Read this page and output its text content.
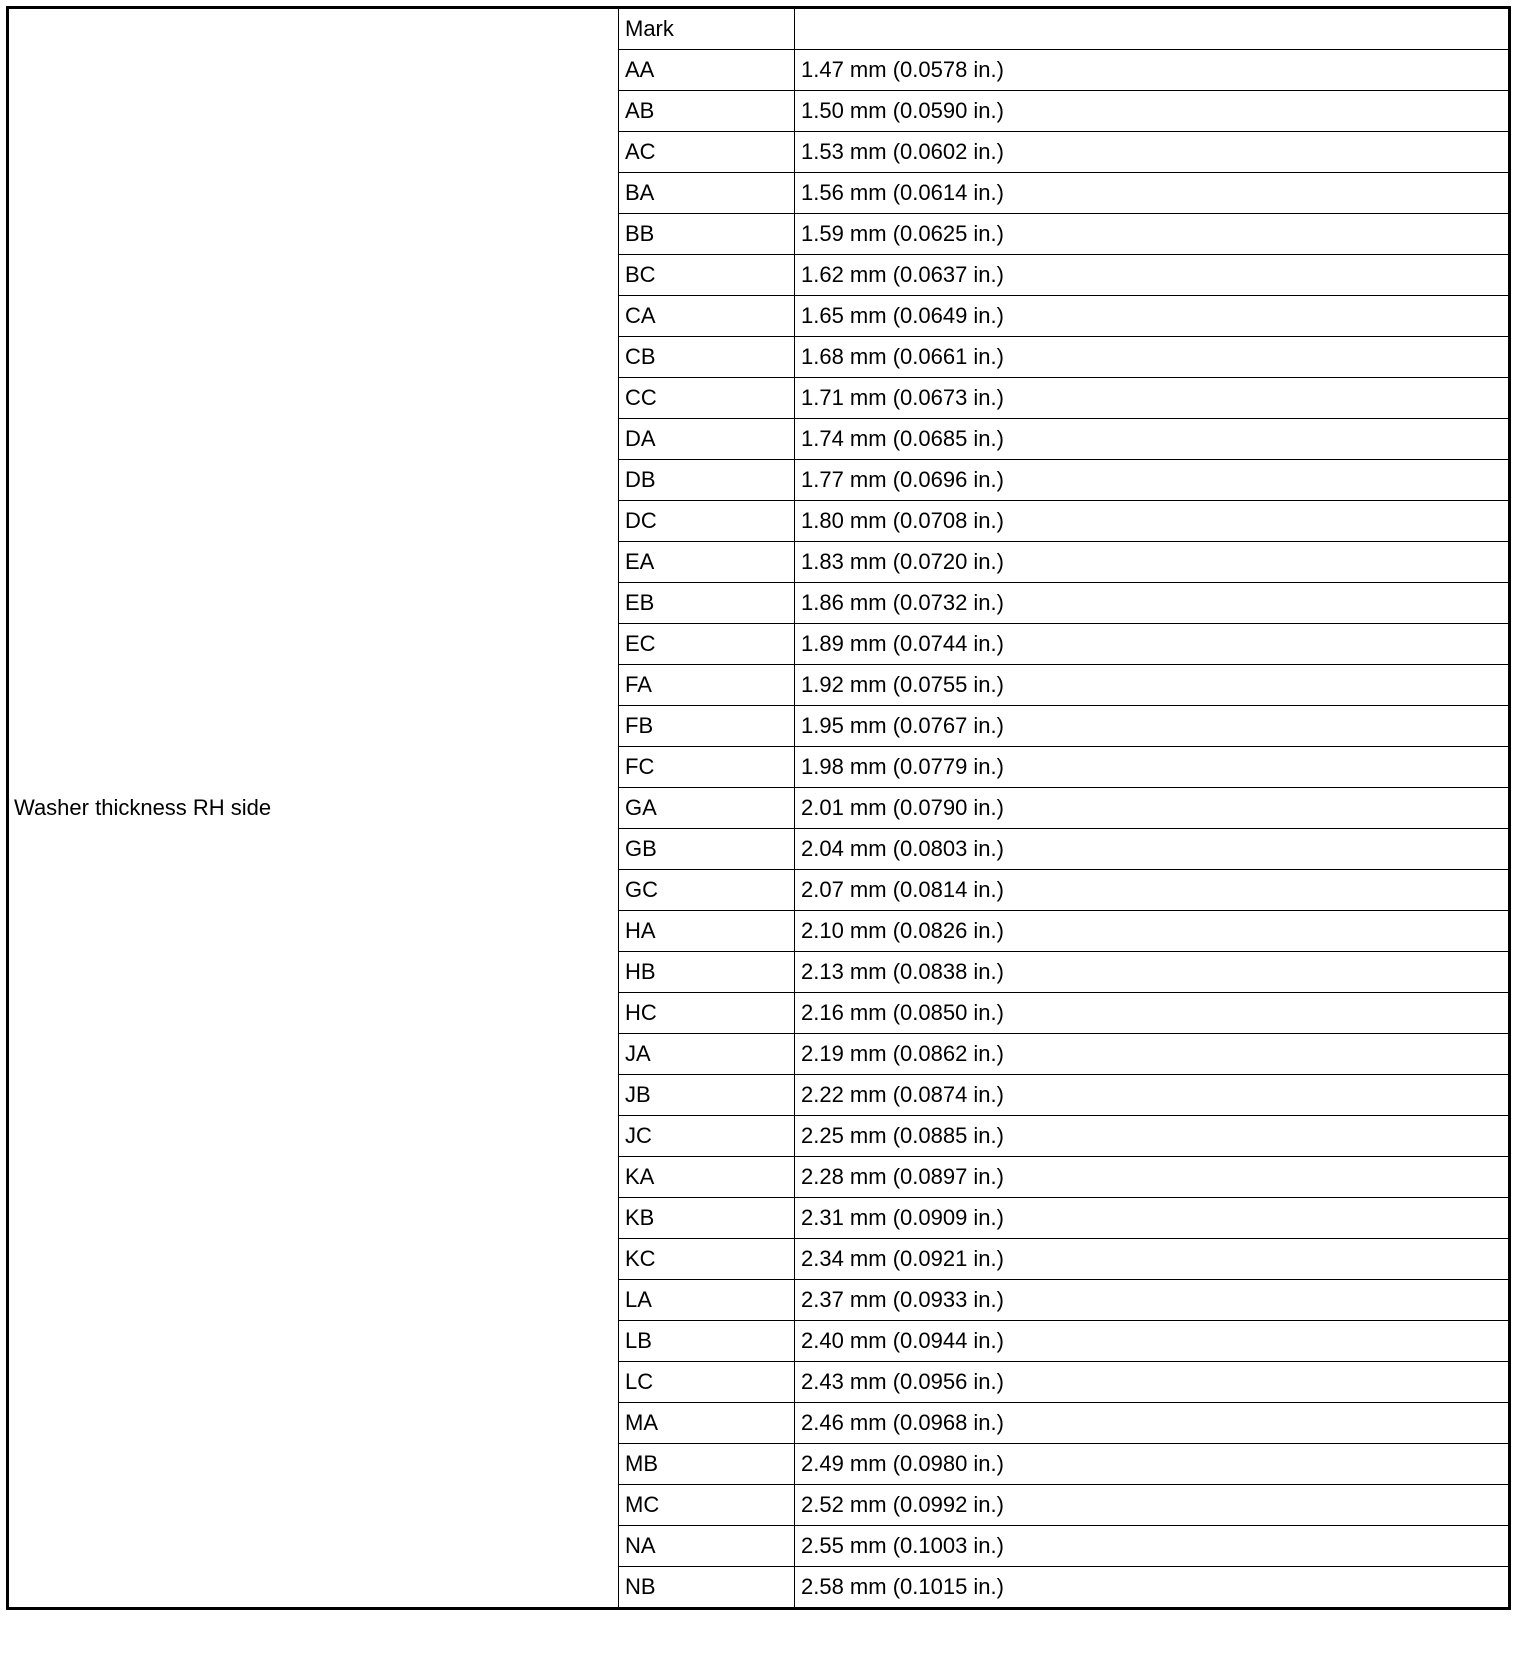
Washer thickness RH side	Mark	
	AA	1.47 mm (0.0578 in.)
	AB	1.50 mm (0.0590 in.)
	AC	1.53 mm (0.0602 in.)
	BA	1.56 mm (0.0614 in.)
	BB	1.59 mm (0.0625 in.)
	BC	1.62 mm (0.0637 in.)
	CA	1.65 mm (0.0649 in.)
	CB	1.68 mm (0.0661 in.)
	CC	1.71 mm (0.0673 in.)
	DA	1.74 mm (0.0685 in.)
	DB	1.77 mm (0.0696 in.)
	DC	1.80 mm (0.0708 in.)
	EA	1.83 mm (0.0720 in.)
	EB	1.86 mm (0.0732 in.)
	EC	1.89 mm (0.0744 in.)
	FA	1.92 mm (0.0755 in.)
	FB	1.95 mm (0.0767 in.)
	FC	1.98 mm (0.0779 in.)
	GA	2.01 mm (0.0790 in.)
	GB	2.04 mm (0.0803 in.)
	GC	2.07 mm (0.0814 in.)
	HA	2.10 mm (0.0826 in.)
	HB	2.13 mm (0.0838 in.)
	HC	2.16 mm (0.0850 in.)
	JA	2.19 mm (0.0862 in.)
	JB	2.22 mm (0.0874 in.)
	JC	2.25 mm (0.0885 in.)
	KA	2.28 mm (0.0897 in.)
	KB	2.31 mm (0.0909 in.)
	KC	2.34 mm (0.0921 in.)
	LA	2.37 mm (0.0933 in.)
	LB	2.40 mm (0.0944 in.)
	LC	2.43 mm (0.0956 in.)
	MA	2.46 mm (0.0968 in.)
	MB	2.49 mm (0.0980 in.)
	MC	2.52 mm (0.0992 in.)
	NA	2.55 mm (0.1003 in.)
	NB	2.58 mm (0.1015 in.)
